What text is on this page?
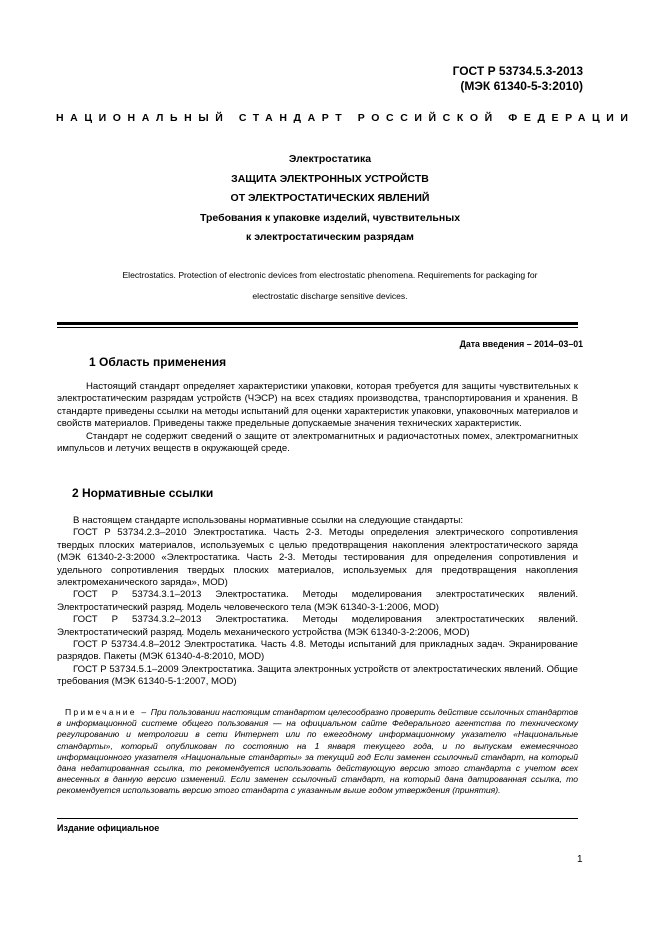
ГОСТ Р 53734.5.3-2013
(МЭК 61340-5-3:2010)
НАЦИОНАЛЬНЫЙ СТАНДАРТ РОССИЙСКОЙ ФЕДЕРАЦИИ
Электростатика
ЗАЩИТА ЭЛЕКТРОННЫХ УСТРОЙСТВ
ОТ ЭЛЕКТРОСТАТИЧЕСКИХ ЯВЛЕНИЙ
Требования к упаковке изделий, чувствительных
к электростатическим разрядам
Electrostatics. Protection of electronic devices from electrostatic phenomena. Requirements for packaging for
electrostatic discharge sensitive devices.
Дата введения – 2014–03–01
1 Область применения

Настоящий стандарт определяет характеристики упаковки, которая требуется для защиты чувствительных к электростатическим разрядам устройств (ЧЭСР) на всех стадиях производства, транспортирования и хранения. В стандарте приведены ссылки на методы испытаний для оценки характеристик упаковки, упаковочных материалов и свойств материалов. Приведены также предельные допускаемые значения технических характеристик.

Стандарт не содержит сведений о защите от электромагнитных и радиочастотных помех, электромагнитных импульсов и летучих веществ в окружающей среде.

2 Нормативные ссылки

В настоящем стандарте использованы нормативные ссылки на следующие стандарты:

ГОСТ Р 53734.2.3–2010 Электростатика. Часть 2-3. Методы определения электрического сопротивления твердых плоских материалов, используемых с целью предотвращения накопления электростатического заряда (МЭК 61340-2-3:2000 «Электростатика. Часть 2-3. Методы тестирования для определения сопротивления и удельного сопротивления твердых плоских материалов, используемых для предотвращения накопления электромеханического заряда», MOD)

ГОСТ Р 53734.3.1–2013 Электростатика. Методы моделирования электростатических явлений. Электростатический разряд. Модель человеческого тела (МЭК 61340-3-1:2006, MOD)

ГОСТ Р 53734.3.2–2013 Электростатика. Методы моделирования электростатических явлений. Электростатический разряд. Модель механического устройства (МЭК 61340-3-2:2006, MOD)

ГОСТ Р 53734.4.8–2012 Электростатика. Часть 4.8. Методы испытаний для прикладных задач. Экранирование разрядов. Пакеты (МЭК 61340-4-8:2010, MOD)

ГОСТ Р 53734.5.1–2009 Электростатика. Защита электронных устройств от электростатических явлений. Общие требования (МЭК 61340-5-1:2007, MOD)

Примечание – При пользовании настоящим стандартом целесообразно проверить действие ссылочных стандартов в информационной системе общего пользования — на официальном сайте Федерального агентства по техническому регулированию и метрологии в сети Интернет или по ежегодному информационному указателю «Национальные стандарты», который опубликован по состоянию на 1 января текущего года, и по выпускам ежемесячного информационного указателя «Национальные стандарты» за текущий год Если заменен ссылочный стандарт, на который дана недатированная ссылка, то рекомендуется использовать действующую версию этого стандарта с учетом всех внесенных в данную версию изменений. Если заменен ссылочный стандарт, на который дана датированная ссылка, то рекомендуется использовать версию этого стандарта с указанным выше годом утверждения (принятия).
Издание официальное
1
